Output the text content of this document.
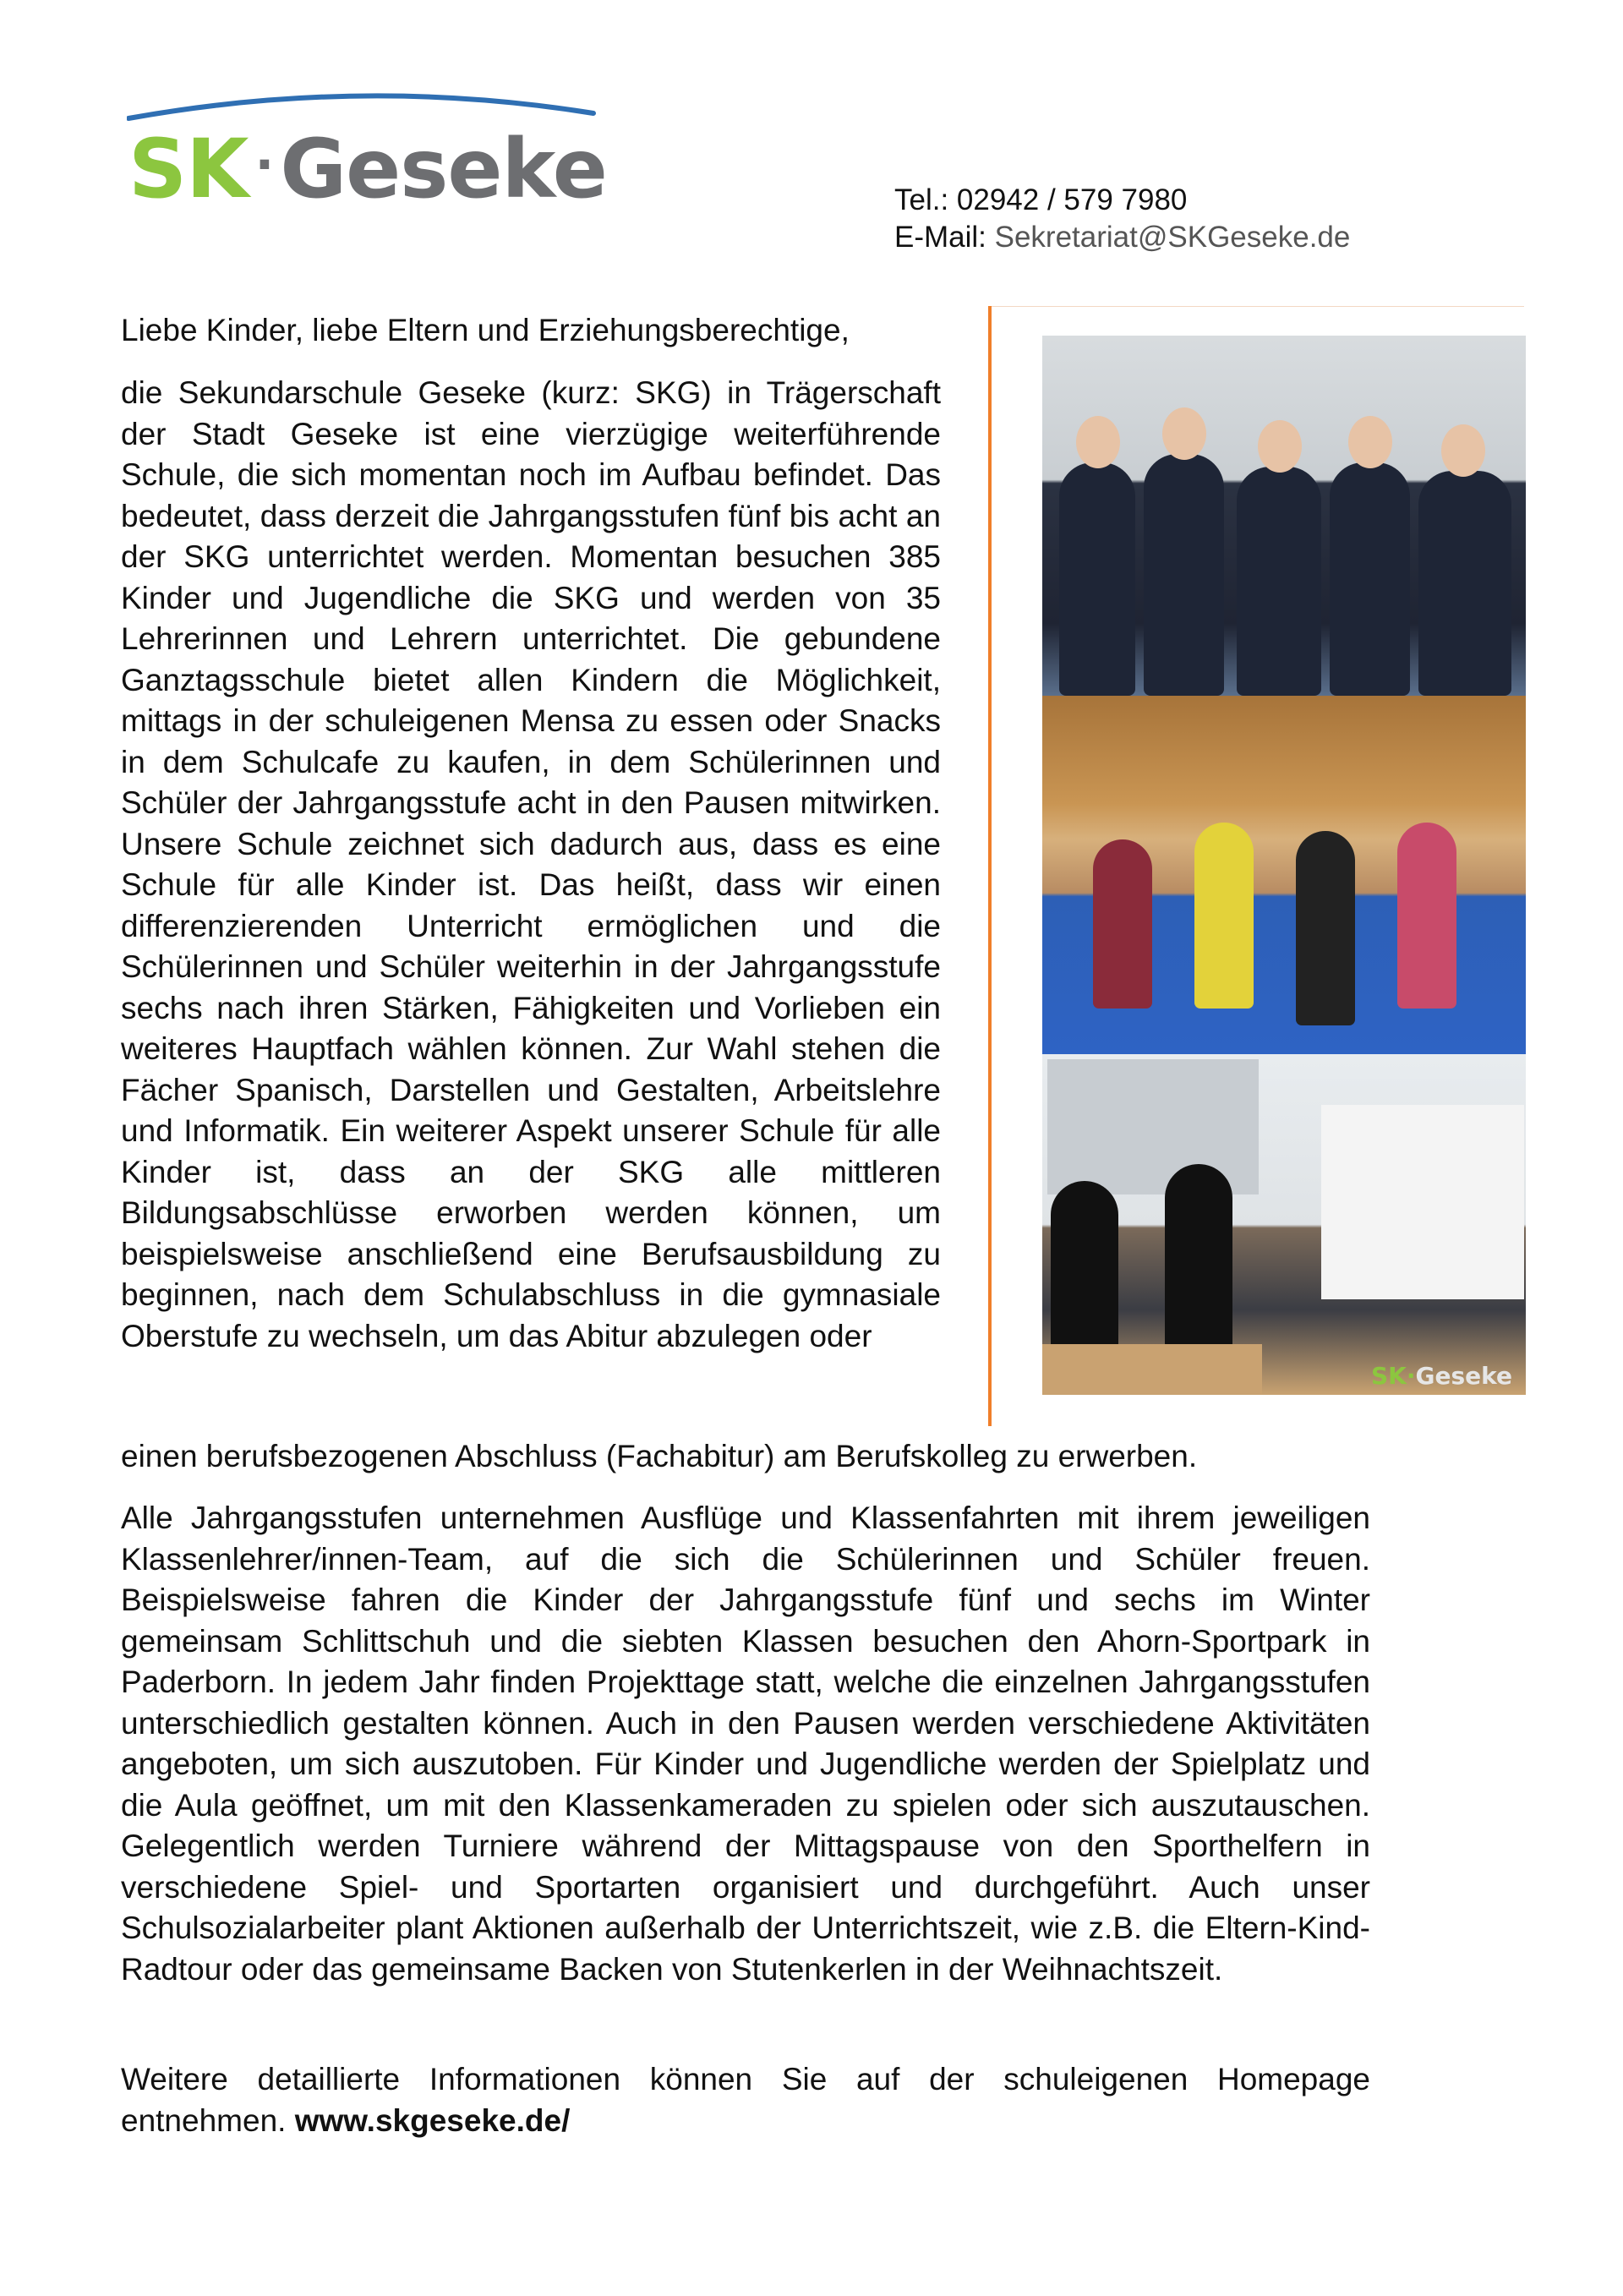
SK ·Geseke	Tel.: 02942 / 579 7980
E-Mail: Sekretariat@SKGeseke.de
Liebe Kinder, liebe Eltern und Erziehungsberechtige,
die Sekundarschule Geseke (kurz: SKG) in Trägerschaft der Stadt Geseke ist eine vierzügige weiterführende Schule, die sich momentan noch im Aufbau befindet. Das bedeutet, dass derzeit die Jahrgangsstufen fünf bis acht an der SKG unterrichtet werden. Momentan besuchen 385 Kinder und Jugendliche die SKG und werden von 35 Lehrerinnen und Lehrern unterrichtet. Die gebundene Ganztagsschule bietet allen Kindern die Möglichkeit, mittags in der schuleigenen Mensa zu essen oder Snacks in dem Schulcafe zu kaufen, in dem Schülerinnen und Schüler der Jahrgangsstufe acht in den Pausen mitwirken. Unsere Schule zeichnet sich dadurch aus, dass es eine Schule für alle Kinder ist. Das heißt, dass wir einen differenzierenden Unterricht ermöglichen und die Schülerinnen und Schüler weiterhin in der Jahrgangsstufe sechs nach ihren Stärken, Fähigkeiten und Vorlieben ein weiteres Hauptfach wählen können. Zur Wahl stehen die Fächer Spanisch, Darstellen und Gestalten, Arbeitslehre und Informatik. Ein weiterer Aspekt unserer Schule für alle Kinder ist, dass an der SKG alle mittleren Bildungsabschlüsse erworben werden können, um beispielsweise anschließend eine Berufsausbildung zu beginnen, nach dem Schulabschluss in die gymnasiale Oberstufe zu wechseln, um das Abitur abzulegen oder
einen berufsbezogenen Abschluss (Fachabitur) am Berufskolleg zu erwerben.
SK·Geseke
Alle Jahrgangsstufen unternehmen Ausflüge und Klassenfahrten mit ihrem jeweiligen Klassenlehrer/innen-Team, auf die sich die Schülerinnen und Schüler freuen. Beispielsweise fahren die Kinder der Jahrgangsstufe fünf und sechs im Winter gemeinsam Schlittschuh und die siebten Klassen besuchen den Ahorn-Sportpark in Paderborn. In jedem Jahr finden Projekttage statt, welche die einzelnen Jahrgangsstufen unterschiedlich gestalten können. Auch in den Pausen werden verschiedene Aktivitäten angeboten, um sich auszutoben. Für Kinder und Jugendliche werden der Spielplatz und die Aula geöffnet, um mit den Klassenkameraden zu spielen oder sich auszutauschen. Gelegentlich werden Turniere während der Mittagspause von den Sporthelfern in verschiedene Spiel- und Sportarten organisiert und durchgeführt. Auch unser Schulsozialarbeiter plant Aktionen außerhalb der Unterrichtszeit, wie z.B. die Eltern-Kind-Radtour oder das gemeinsame Backen von Stutenkerlen in der Weihnachtszeit.
Weitere detaillierte Informationen können Sie auf der schuleigenen Homepage entnehmen. www.skgeseke.de/
